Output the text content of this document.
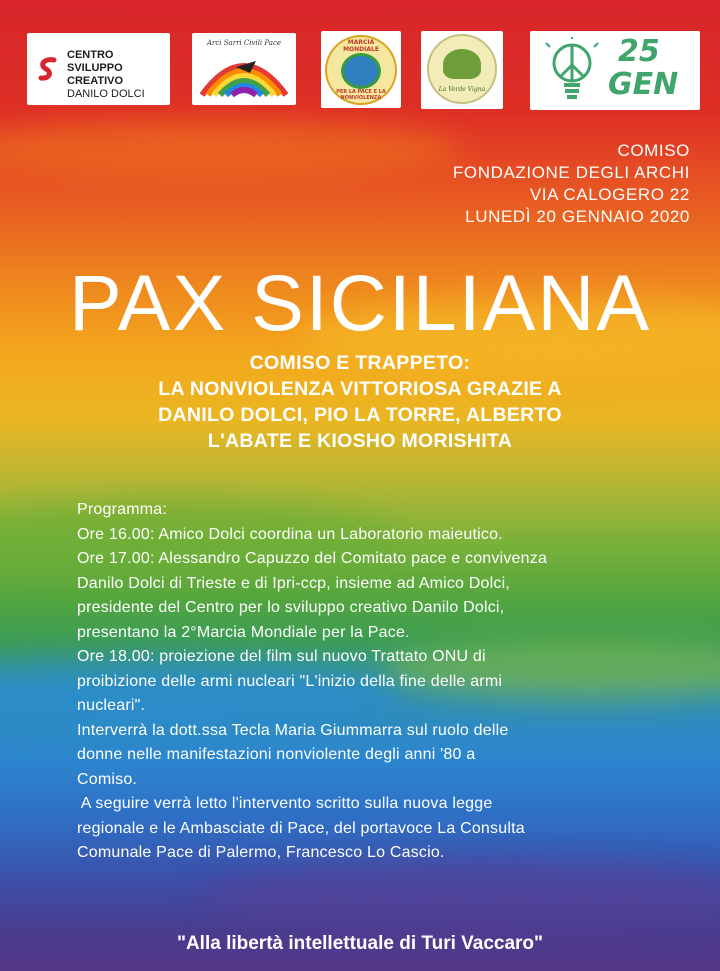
CENTRO SVILUPPO
CREATIVO
DANILO DOLCI
Arci Sarri Civili Pace	MARCIA MONDIALE
PER LA PACE E LA NONVIOLENZA
La Verde Vigna
25
GEN
COMISO
FONDAZIONE DEGLI ARCHI
VIA CALOGERO 22
LUNEDÌ 20 GENNAIO 2020
PAX SICILIANA
COMISO E TRAPPETO:
LA NONVIOLENZA VITTORIOSA GRAZIE A
DANILO DOLCI, PIO LA TORRE, ALBERTO
L'ABATE E KIOSHO MORISHITA
Programma:
Ore 16.00: Amico Dolci coordina un Laboratorio maieutico.
Ore 17.00: Alessandro Capuzzo del Comitato pace e convivenza
Danilo Dolci di Trieste e di Ipri-ccp, insieme ad Amico Dolci,
presidente del Centro per lo sviluppo creativo Danilo Dolci,
presentano la 2°Marcia Mondiale per la Pace.
Ore 18.00: proiezione del film sul nuovo Trattato ONU di
proibizione delle armi nucleari "L'inizio della fine delle armi
nucleari".
Interverrà la dott.ssa Tecla Maria Giummarra sul ruolo delle
donne nelle manifestazioni nonviolente degli anni '80 a
Comiso.
A seguire verrà letto l'intervento scritto sulla nuova legge
regionale e le Ambasciate di Pace, del portavoce La Consulta
Comunale Pace di Palermo, Francesco Lo Cascio.
"Alla libertà intellettuale di Turi Vaccaro"
